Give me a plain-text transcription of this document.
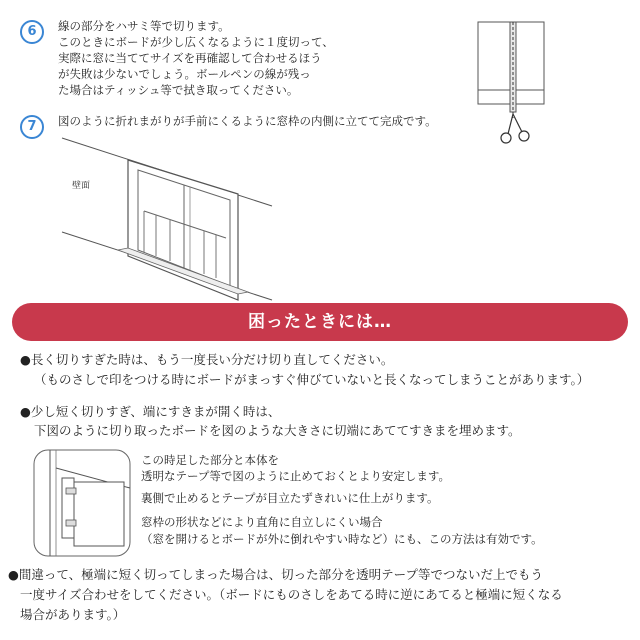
6	線の部分をハサミ等で切ります。
このときにボードが少し広くなるように１度切って、
実際に窓に当ててサイズを再確認して合わせるほう
が失敗は少ないでしょう。ボールペンの線が残っ
た場合はティッシュ等で拭き取ってください。
7	図のように折れまがりが手前にくるように窓枠の内側に立てて完成です。
壁面
困ったときには…
●長く切りすぎた時は、もう一度長い分だけ切り直してください。
（ものさしで印をつける時にボードがまっすぐ伸びていないと長くなってしまうことがあります。）
●少し短く切りすぎ、端にすきまが開く時は、
下図のように切り取ったボードを図のような大きさに切端にあててすきまを埋めます。
この時足した部分と本体を
透明なテープ等で図のように止めておくとより安定します。
裏側で止めるとテープが目立たずきれいに仕上がります。
窓枠の形状などにより直角に自立しにくい場合
（窓を開けるとボードが外に倒れやすい時など）にも、この方法は有効です。
●間違って、極端に短く切ってしまった場合は、切った部分を透明テープ等でつないだ上でもう
一度サイズ合わせをしてください。（ボードにものさしをあてる時に逆にあてると極端に短くなる
場合があります。）
